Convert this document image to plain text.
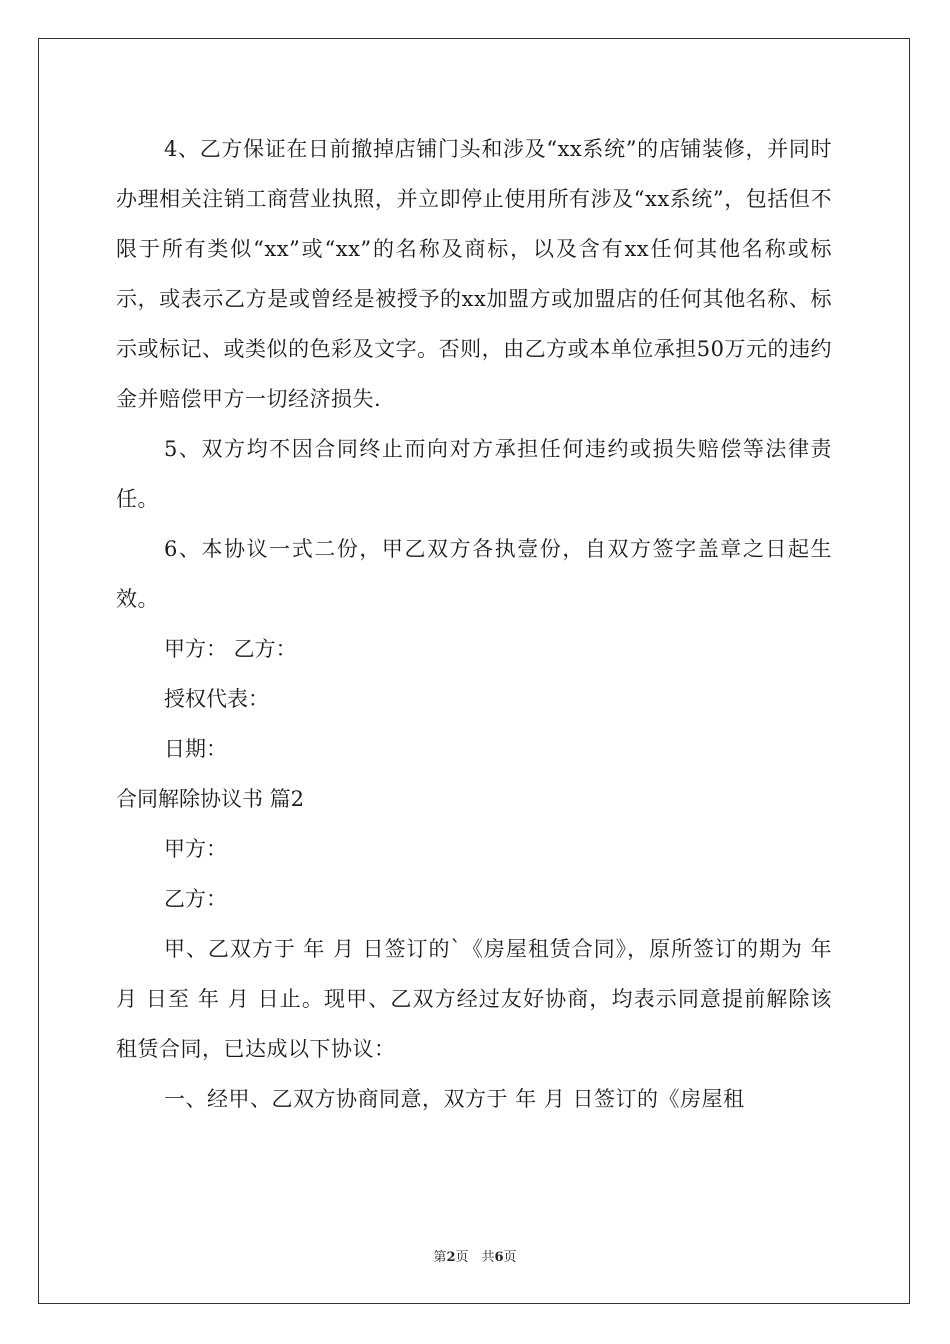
4、乙方保证在日前撤掉店铺门头和涉及“xx系统”的店铺装修，并同时办理相关注销工商营业执照，并立即停止使用所有涉及“xx系统”，包括但不限于所有类似“xx”或“xx”的名称及商标，以及含有xx任何其他名称或标示，或表示乙方是或曾经是被授予的xx加盟方或加盟店的任何其他名称、标示或标记、或类似的色彩及文字。否则，由乙方或本单位承担50万元的违约金并赔偿甲方一切经济损失.

5、双方均不因合同终止而向对方承担任何违约或损失赔偿等法律责任。

6、本协议一式二份，甲乙双方各执壹份，自双方签字盖章之日起生效。

甲方： 乙方：

授权代表：

日期：

合同解除协议书 篇2

甲方：

乙方：

甲、乙双方于 年 月 日签订的`《房屋租赁合同》，原所签订的期为 年 月 日至 年 月 日止。现甲、乙双方经过友好协商，均表示同意提前解除该租赁合同，已达成以下协议：

一、经甲、乙双方协商同意，双方于 年 月 日签订的《房屋租

第2页　共6页
